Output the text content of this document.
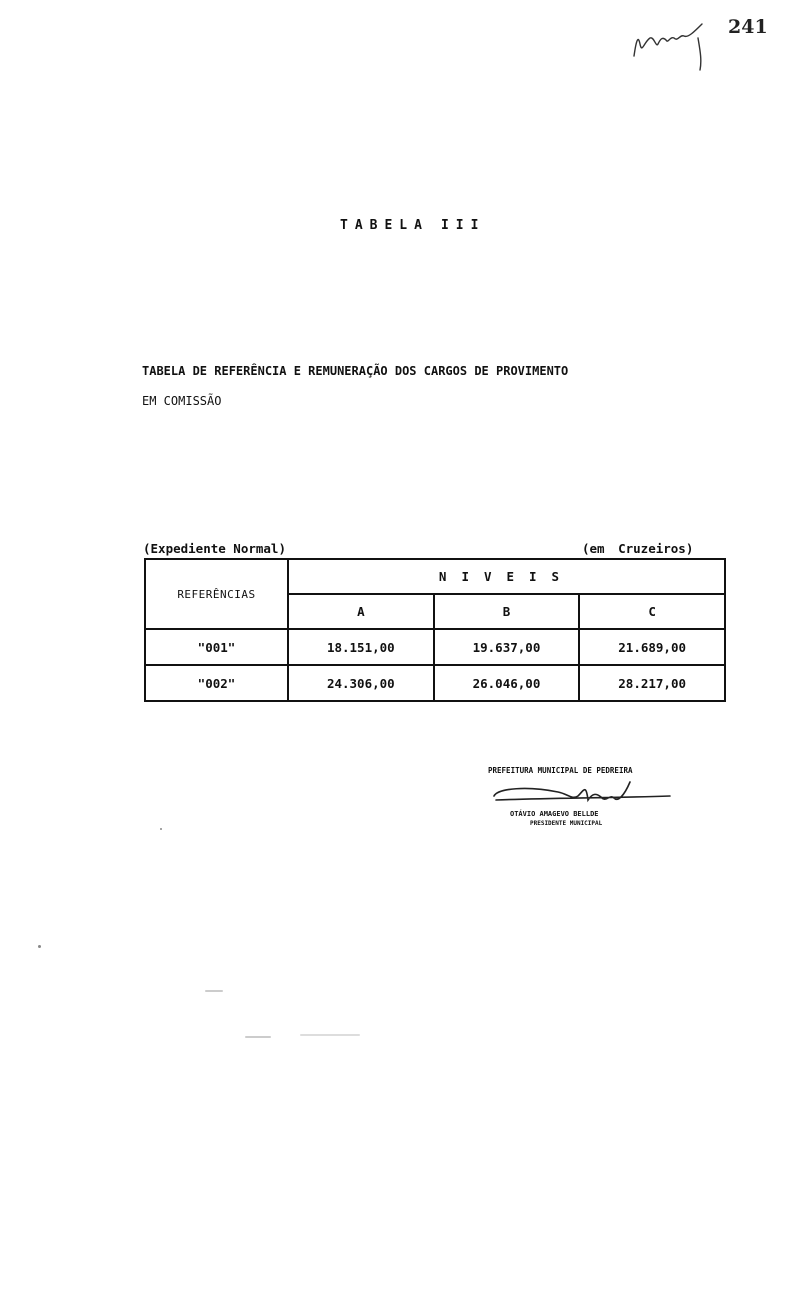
241
TABELA III
TABELA DE REFERÊNCIA E REMUNERAÇÃO DOS CARGOS DE PROVIMENTO
EM COMISSÃO
(Expediente Normal)	(em Cruzeiros)
REFERÊNCIAS	NIVEIS		
	A	B	C
"001"	18.151,00	19.637,00	21.689,00
"002"	24.306,00	26.046,00	28.217,00
PREFEITURA MUNICIPAL DE PEDREIRA
OTÁVIO AMAGEVO BELLDE
PRESIDENTE MUNICIPAL
